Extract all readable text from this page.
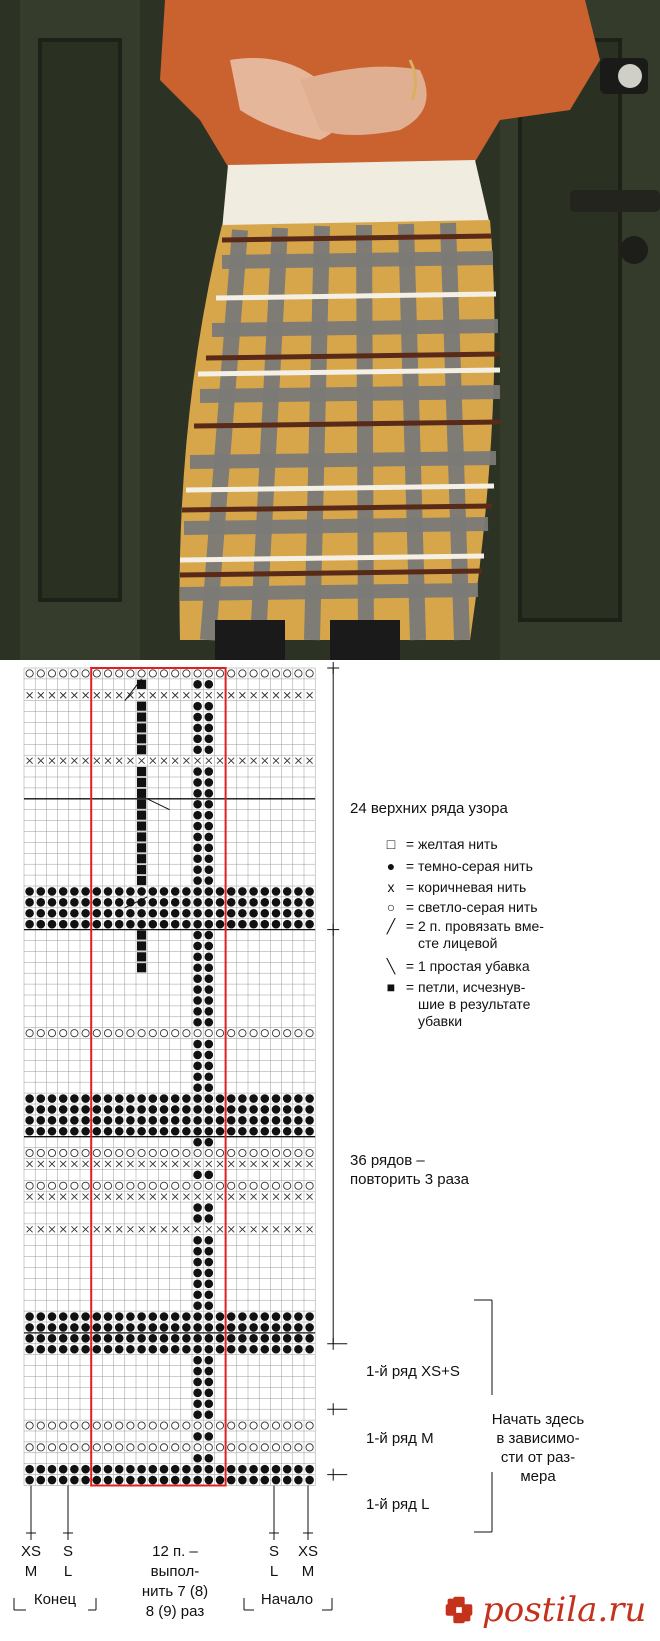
24 верхних ряда узора
36 рядов –
повторить 3 раза
1-й ряд XS+S
1-й ряд M
1-й ряд L
Начать здесь
в зависимо-
сти от раз-
мера
□ = желтая нить
● = темно-серая нить
x = коричневая нить
○ = светло-серая нить
╱ = 2 п. провязать вме-
сте лицевой
╲ = 1 простая убавка
■ = петли, исчезнув-
шие в результате
убавки
XS
M
S
L
S
L
XS
M
12 п. –
выпол-
нить 7 (8)
8 (9) раз
Конец	Начало	postila.ru
